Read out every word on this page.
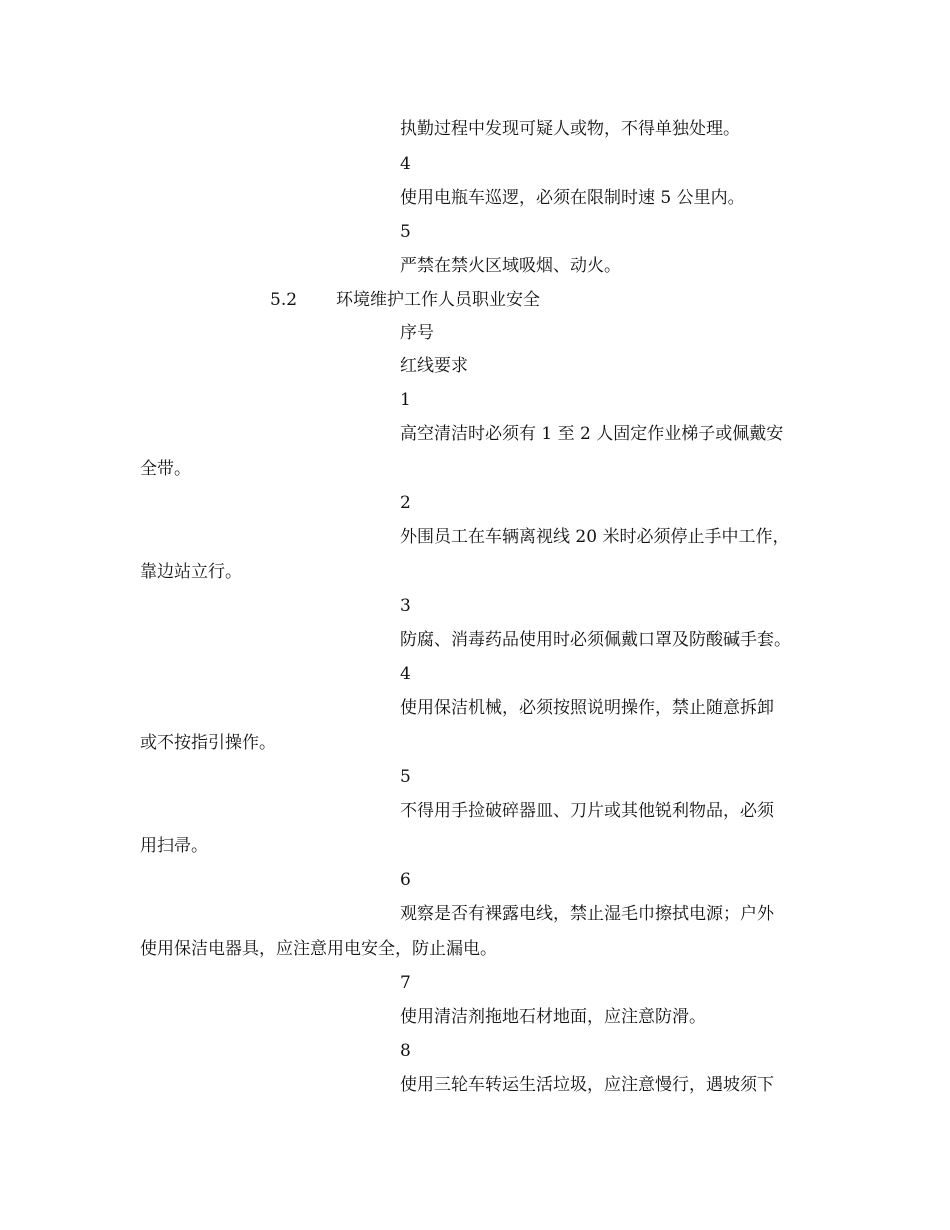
执勤过程中发现可疑人或物，不得单独处理。
4
使用电瓶车巡逻，必须在限制时速 5 公里内。
5
严禁在禁火区域吸烟、动火。
5.2 环境维护工作人员职业安全
序号
红线要求
1
高空清洁时必须有 1 至 2 人固定作业梯子或佩戴安
全带。
2
外围员工在车辆离视线 20 米时必须停止手中工作，
靠边站立行。
3
防腐、消毒药品使用时必须佩戴口罩及防酸碱手套。
4
使用保洁机械，必须按照说明操作，禁止随意拆卸
或不按指引操作。
5
不得用手捡破碎器皿、刀片或其他锐利物品，必须
用扫帚。
6
观察是否有裸露电线，禁止湿毛巾擦拭电源；户外
使用保洁电器具，应注意用电安全，防止漏电。
7
使用清洁剂拖地石材地面，应注意防滑。
8
使用三轮车转运生活垃圾，应注意慢行，遇坡须下
